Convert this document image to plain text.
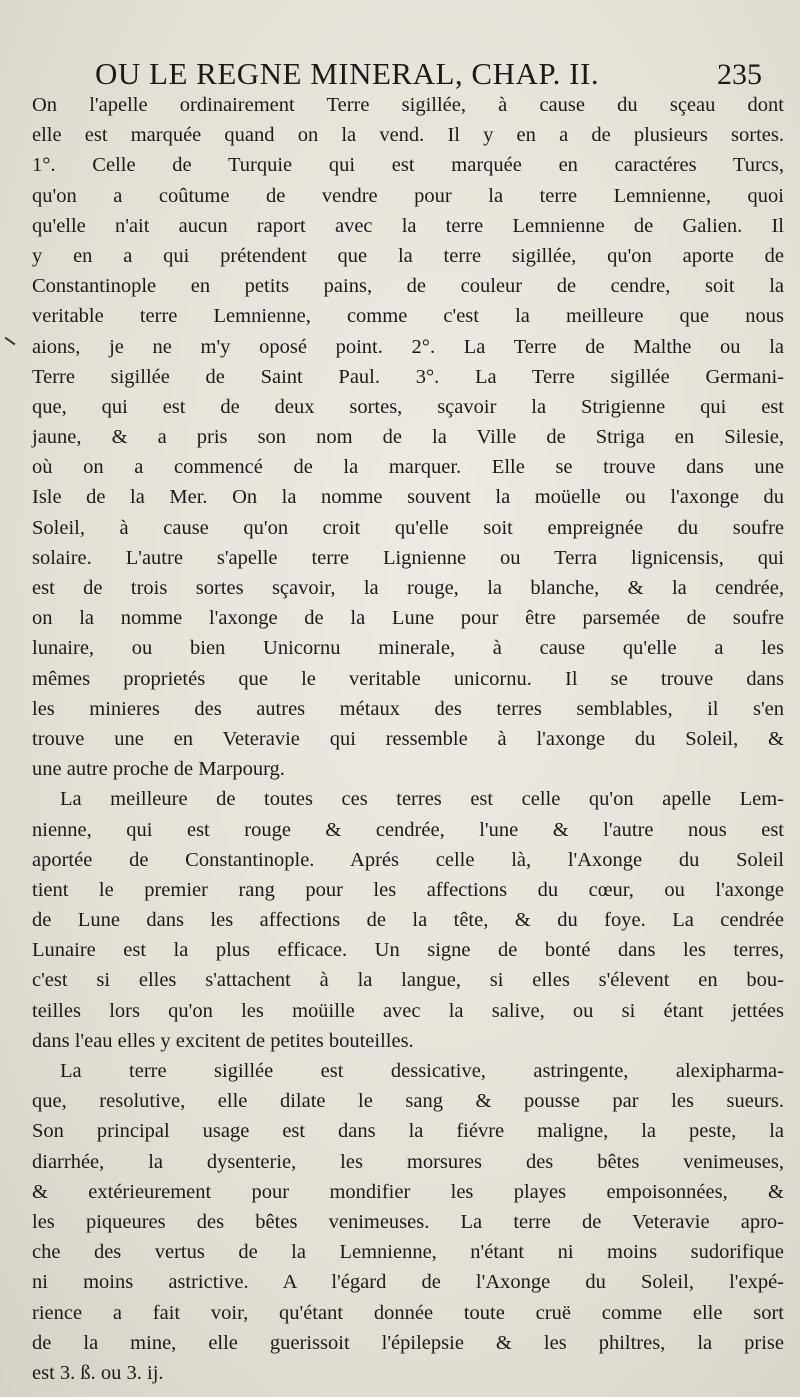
OU LE REGNE MINERAL, CHAP. II.	235
On l'apelle ordinairement Terre sigillée, à cause du sçeau dont
elle est marquée quand on la vend. Il y en a de plusieurs sortes.
1°. Celle de Turquie qui est marquée en caractéres Turcs,
qu'on a coûtume de vendre pour la terre Lemnienne, quoi
qu'elle n'ait aucun raport avec la terre Lemnienne de Galien. Il
y en a qui prétendent que la terre sigillée, qu'on aporte de
Constantinople en petits pains, de couleur de cendre, soit la
veritable terre Lemnienne, comme c'est la meilleure que nous
aions, je ne m'y oposé point. 2°. La Terre de Malthe ou la
Terre sigillée de Saint Paul. 3°. La Terre sigillée Germani-
que, qui est de deux sortes, sçavoir la Strigienne qui est
jaune, & a pris son nom de la Ville de Striga en Silesie,
où on a commencé de la marquer. Elle se trouve dans une
Isle de la Mer. On la nomme souvent la moüelle ou l'axonge du
Soleil, à cause qu'on croit qu'elle soit empreignée du soufre
solaire. L'autre s'apelle terre Lignienne ou Terra lignicensis, qui
est de trois sortes sçavoir, la rouge, la blanche, & la cendrée,
on la nomme l'axonge de la Lune pour être parsemée de soufre
lunaire, ou bien Unicornu minerale, à cause qu'elle a les
mêmes proprietés que le veritable unicornu. Il se trouve dans
les minieres des autres métaux des terres semblables, il s'en
trouve une en Veteravie qui ressemble à l'axonge du Soleil, &
une autre proche de Marpourg.
La meilleure de toutes ces terres est celle qu'on apelle Lem-
nienne, qui est rouge & cendrée, l'une & l'autre nous est
aportée de Constantinople. Aprés celle là, l'Axonge du Soleil
tient le premier rang pour les affections du cœur, ou l'axonge
de Lune dans les affections de la tête, & du foye. La cendrée
Lunaire est la plus efficace. Un signe de bonté dans les terres,
c'est si elles s'attachent à la langue, si elles s'élevent en bou-
teilles lors qu'on les moüille avec la salive, ou si étant jettées
dans l'eau elles y excitent de petites bouteilles.
La terre sigillée est dessicative, astringente, alexipharma-
que, resolutive, elle dilate le sang & pousse par les sueurs.
Son principal usage est dans la fiévre maligne, la peste, la
diarrhée, la dysenterie, les morsures des bêtes venimeuses,
& extérieurement pour mondifier les playes empoisonnées, &
les piqueures des bêtes venimeuses. La terre de Veteravie apro-
che des vertus de la Lemnienne, n'étant ni moins sudorifique
ni moins astrictive. A l'égard de l'Axonge du Soleil, l'expé-
rience a fait voir, qu'étant donnée toute cruë comme elle sort
de la mine, elle guerissoit l'épilepsie & les philtres, la prise
est 3. ß. ou 3. ij.
